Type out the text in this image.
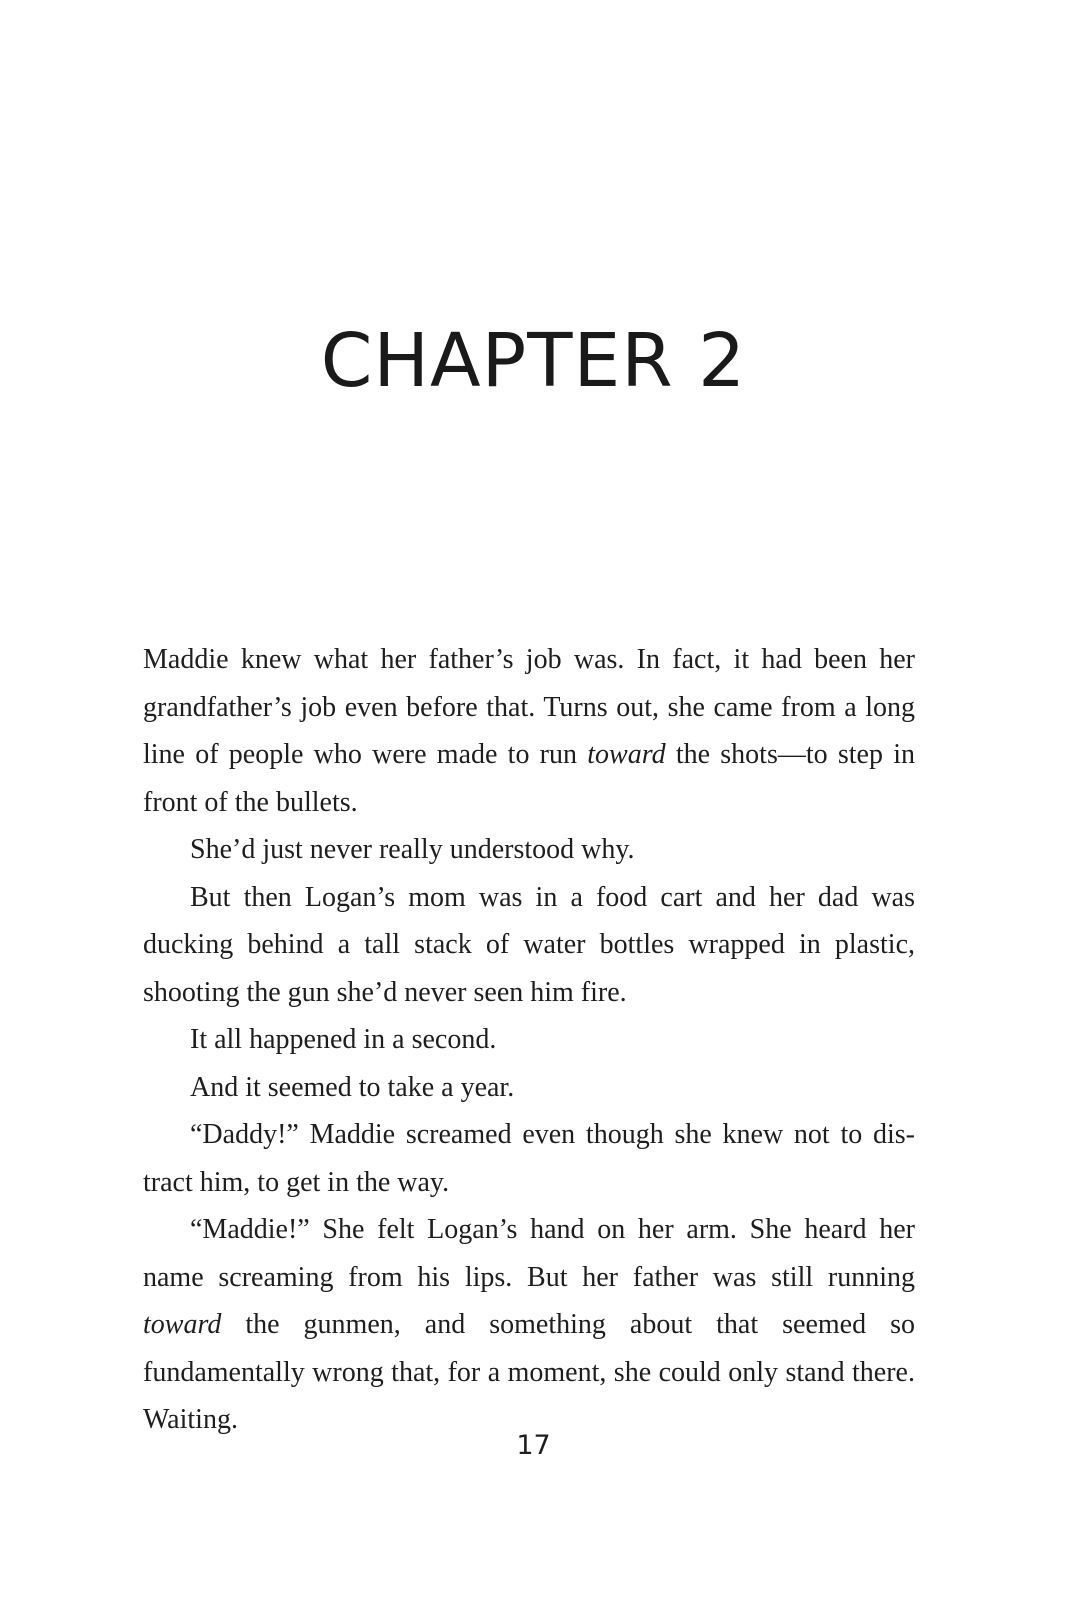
CHAPTER 2

Maddie knew what her father’s job was. In fact, it had been her grandfather’s job even before that. Turns out, she came from a long line of people who were made to run toward the shots—to step in front of the bullets.

She’d just never really understood why.

But then Logan’s mom was in a food cart and her dad was ducking behind a tall stack of water bottles wrapped in plastic, shooting the gun she’d never seen him fire.

It all happened in a second.

And it seemed to take a year.

“Daddy!” Maddie screamed even though she knew not to distract him, to get in the way.

“Maddie!” She felt Logan’s hand on her arm. She heard her name screaming from his lips. But her father was still running toward the gunmen, and something about that seemed so fundamentally wrong that, for a moment, she could only stand there. Waiting.

17
